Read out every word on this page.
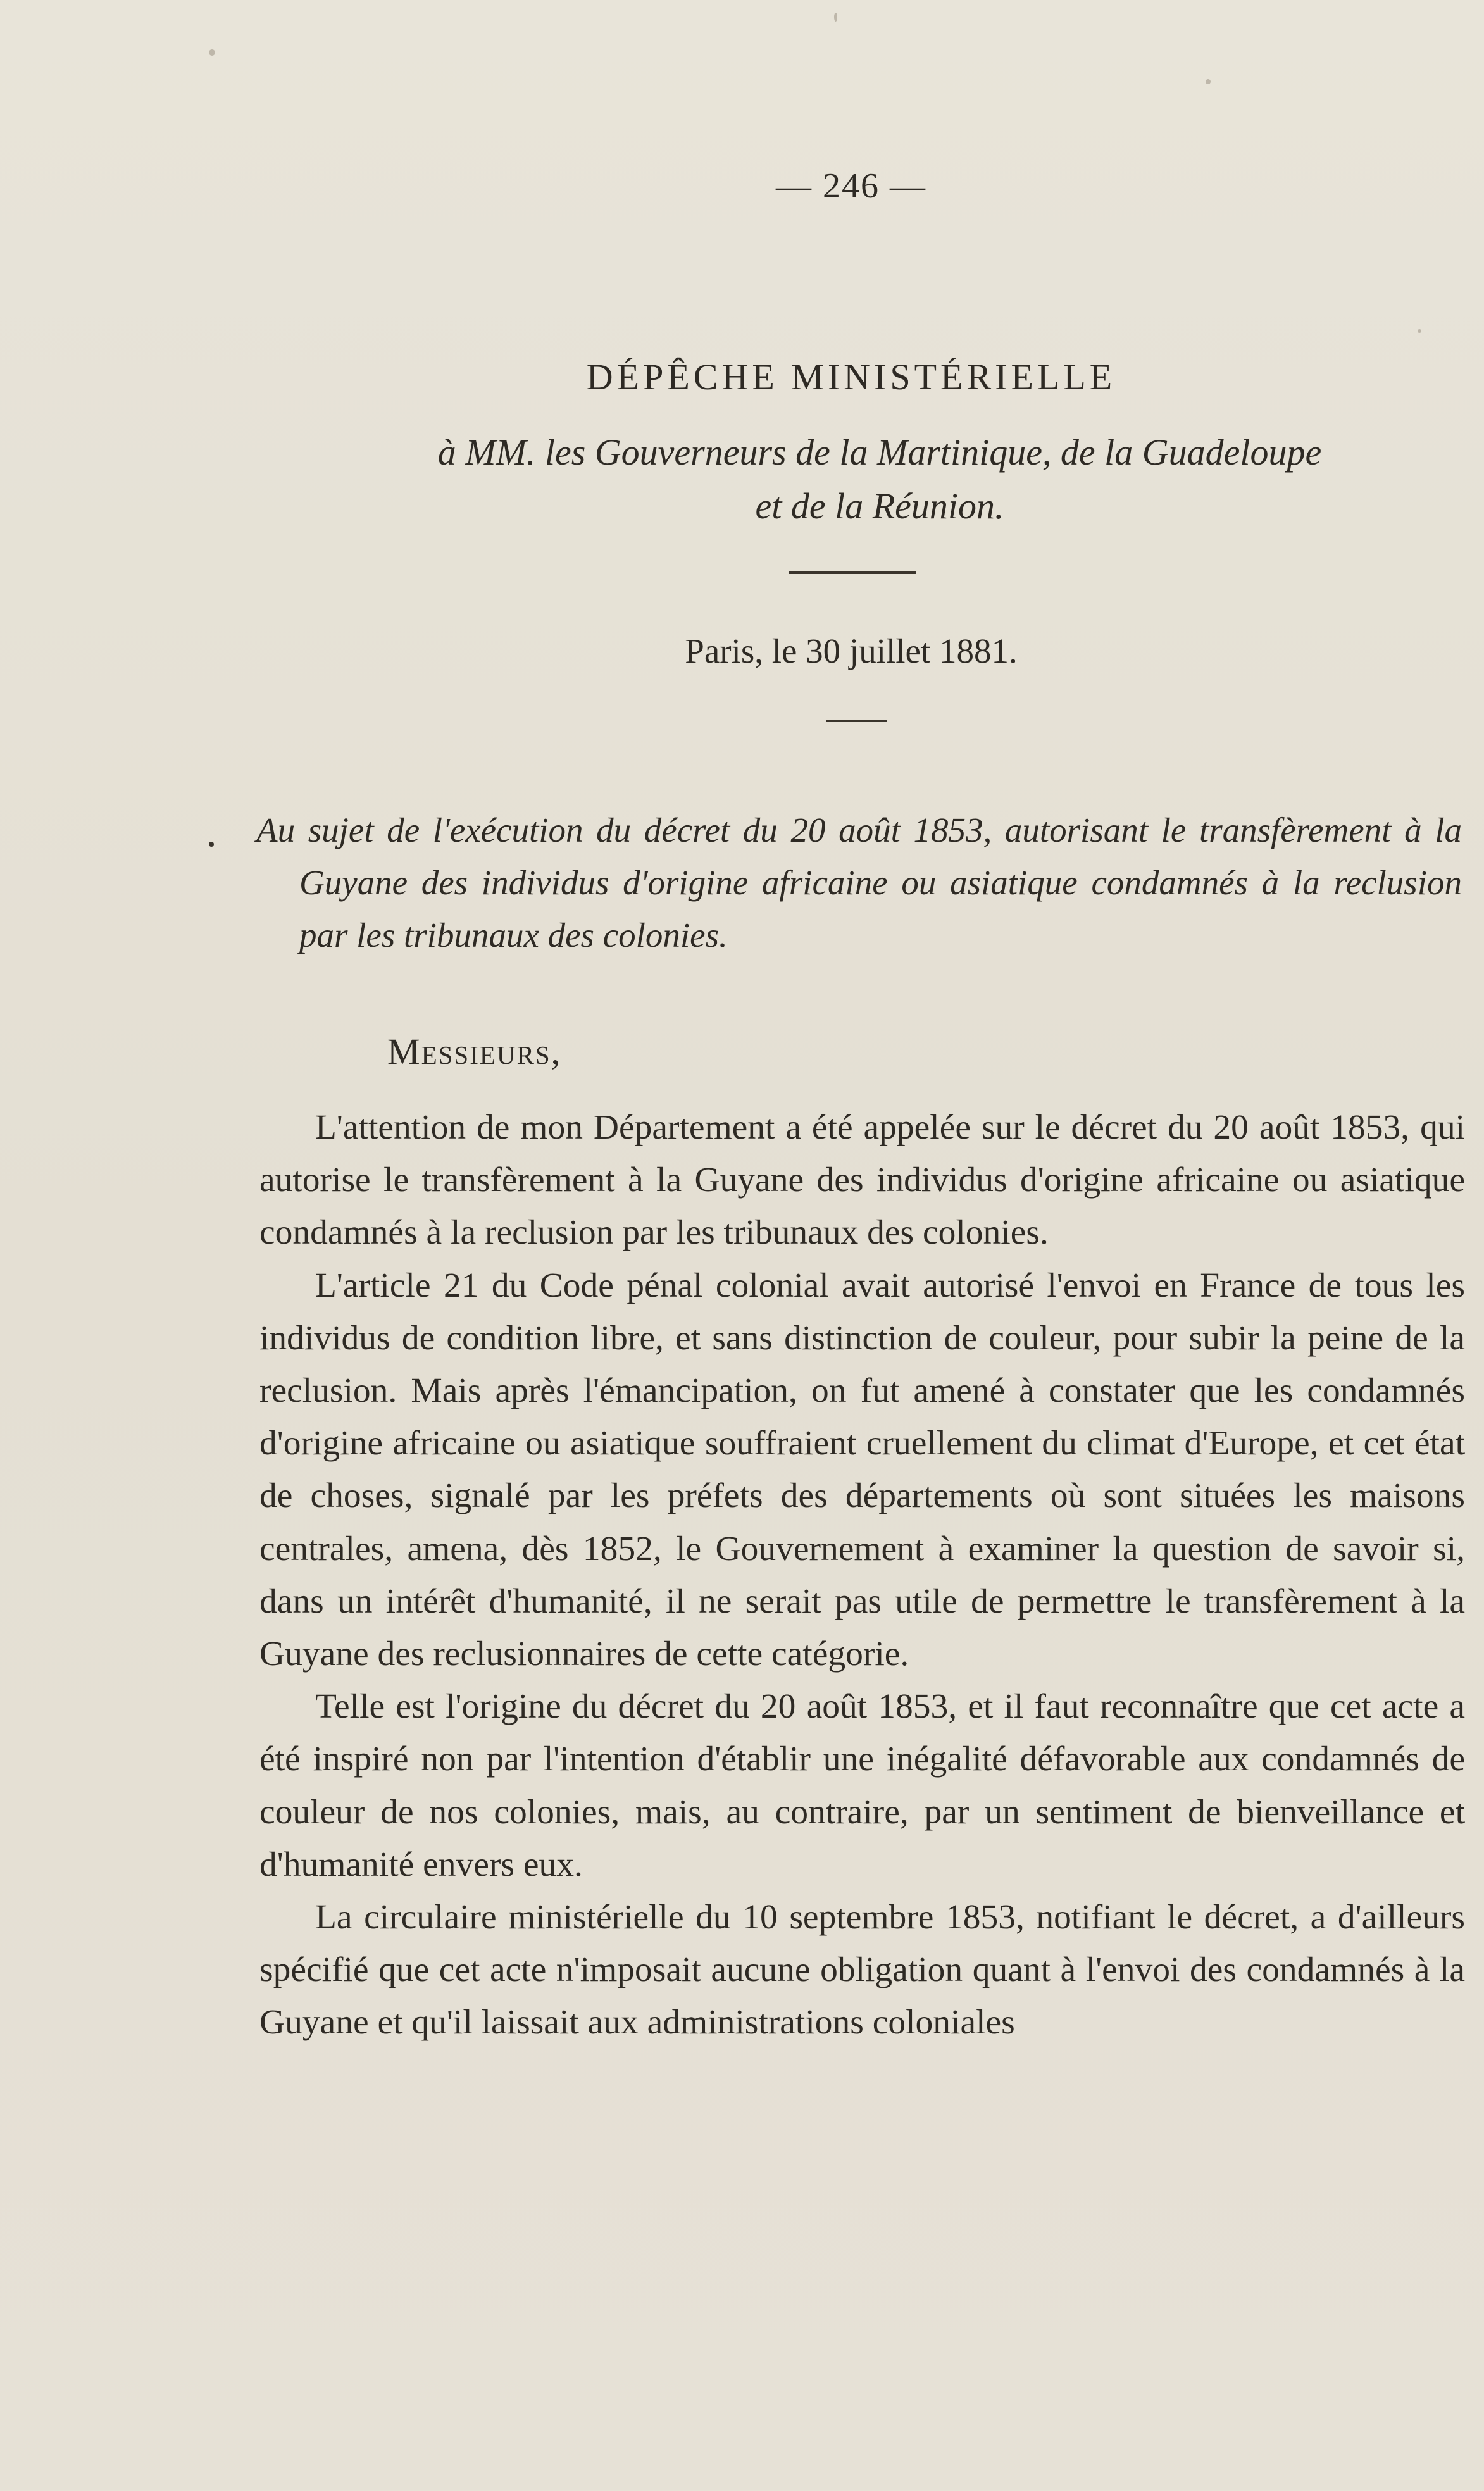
— 246 —
DÉPÊCHE MINISTÉRIELLE
à MM. les Gouverneurs de la Martinique, de la Guadeloupe
et de la Réunion.
Paris, le 30 juillet 1881.
Au sujet de l'exécution du décret du 20 août 1853, autorisant le transfèrement à la Guyane des individus d'origine africaine ou asiatique condamnés à la reclusion par les tribunaux des colonies.
Messieurs,

L'attention de mon Département a été appelée sur le décret du 20 août 1853, qui autorise le transfèrement à la Guyane des individus d'origine africaine ou asiatique condamnés à la reclusion par les tribunaux des colonies.

L'article 21 du Code pénal colonial avait autorisé l'envoi en France de tous les individus de condition libre, et sans distinction de couleur, pour subir la peine de la reclusion. Mais après l'émancipation, on fut amené à constater que les condamnés d'origine africaine ou asiatique souffraient cruellement du climat d'Europe, et cet état de choses, signalé par les préfets des départements où sont situées les maisons centrales, amena, dès 1852, le Gouvernement à examiner la question de savoir si, dans un intérêt d'humanité, il ne serait pas utile de permettre le transfèrement à la Guyane des reclusionnaires de cette catégorie.

Telle est l'origine du décret du 20 août 1853, et il faut reconnaître que cet acte a été inspiré non par l'intention d'établir une inégalité défavorable aux condamnés de couleur de nos colonies, mais, au contraire, par un sentiment de bienveillance et d'humanité envers eux.

La circulaire ministérielle du 10 septembre 1853, notifiant le décret, a d'ailleurs spécifié que cet acte n'imposait aucune obligation quant à l'envoi des condamnés à la Guyane et qu'il laissait aux administrations coloniales
